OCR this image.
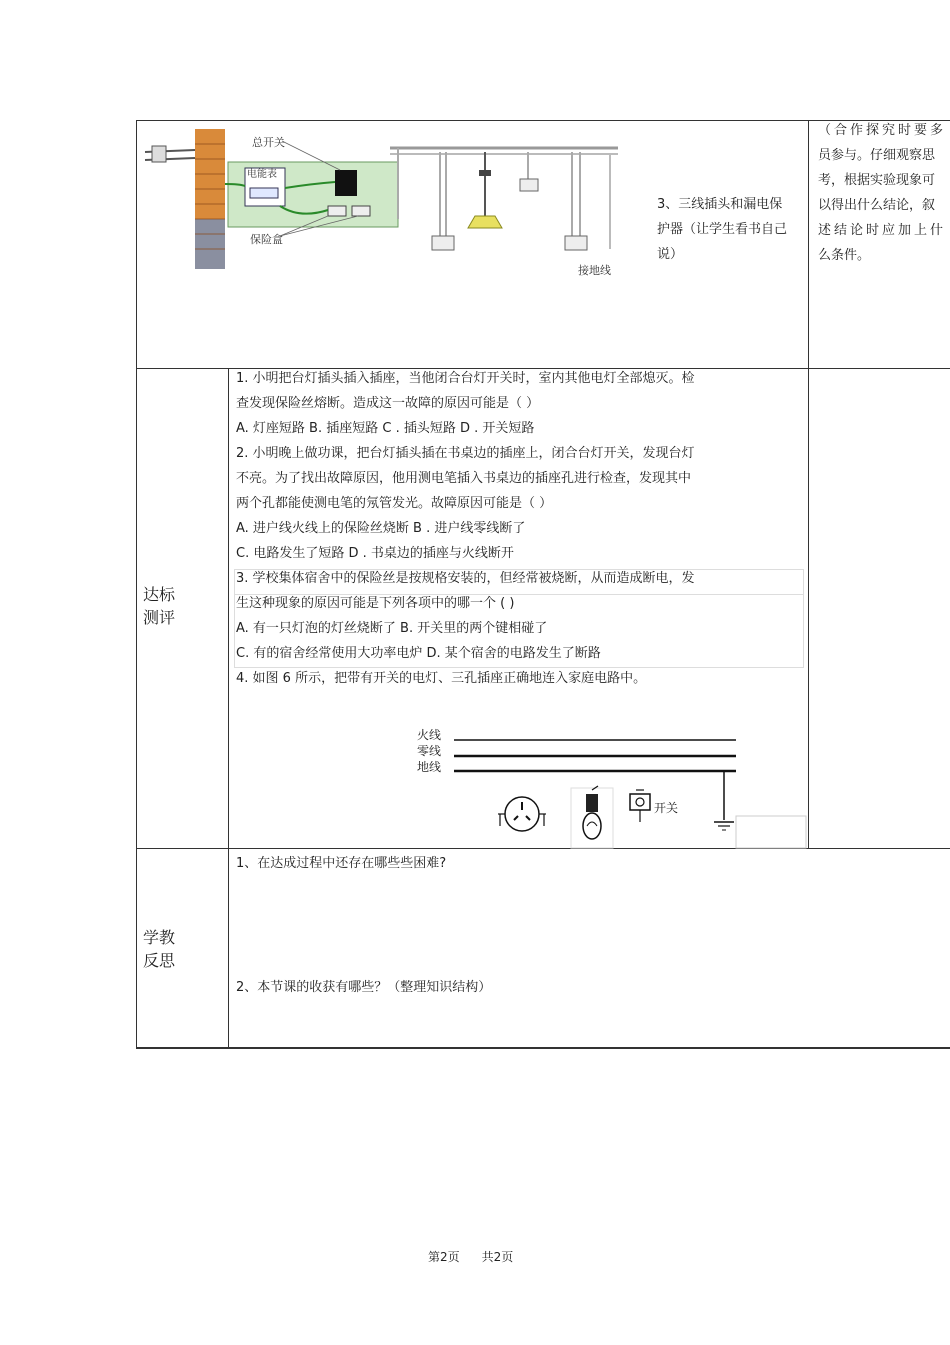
总开关
电能表
保险盒
接地线
3、三线插头和漏电保护器（让学生看书自己说）
（合作探究时要多
员参与。仔细观察思
考，根据实验现象可
以得出什么结论，叙
述结论时应加上什
么条件。
达标
测评
1. 小明把台灯插头插入插座，当他闭合台灯开关时，室内其他电灯全部熄灭。检
查发现保险丝熔断。造成这一故障的原因可能是（ ）
A. 灯座短路 B. 插座短路 C . 插头短路 D . 开关短路
2. 小明晚上做功课，把台灯插头插在书桌边的插座上，闭合台灯开关，发现台灯
不亮。为了找出故障原因，他用测电笔插入书桌边的插座孔进行检查，发现其中
两个孔都能使测电笔的氖管发光。故障原因可能是（ ）
A. 进户线火线上的保险丝烧断 B . 进户线零线断了
C. 电路发生了短路 D . 书桌边的插座与火线断开
3. 学校集体宿舍中的保险丝是按规格安装的，但经常被烧断，从而造成断电，发
生这种现象的原因可能是下列各项中的哪一个 ( )
A. 有一只灯泡的灯丝烧断了 B. 开关里的两个键相碰了
C. 有的宿舍经常使用大功率电炉 D. 某个宿舍的电路发生了断路
4. 如图 6 所示，把带有开关的电灯、三孔插座正确地连入家庭电路中。
火线
零线
地线
开关
学教
反思
1、在达成过程中还存在哪些些困难?
2、本节课的收获有哪些？（整理知识结构）
第2页 共2页
